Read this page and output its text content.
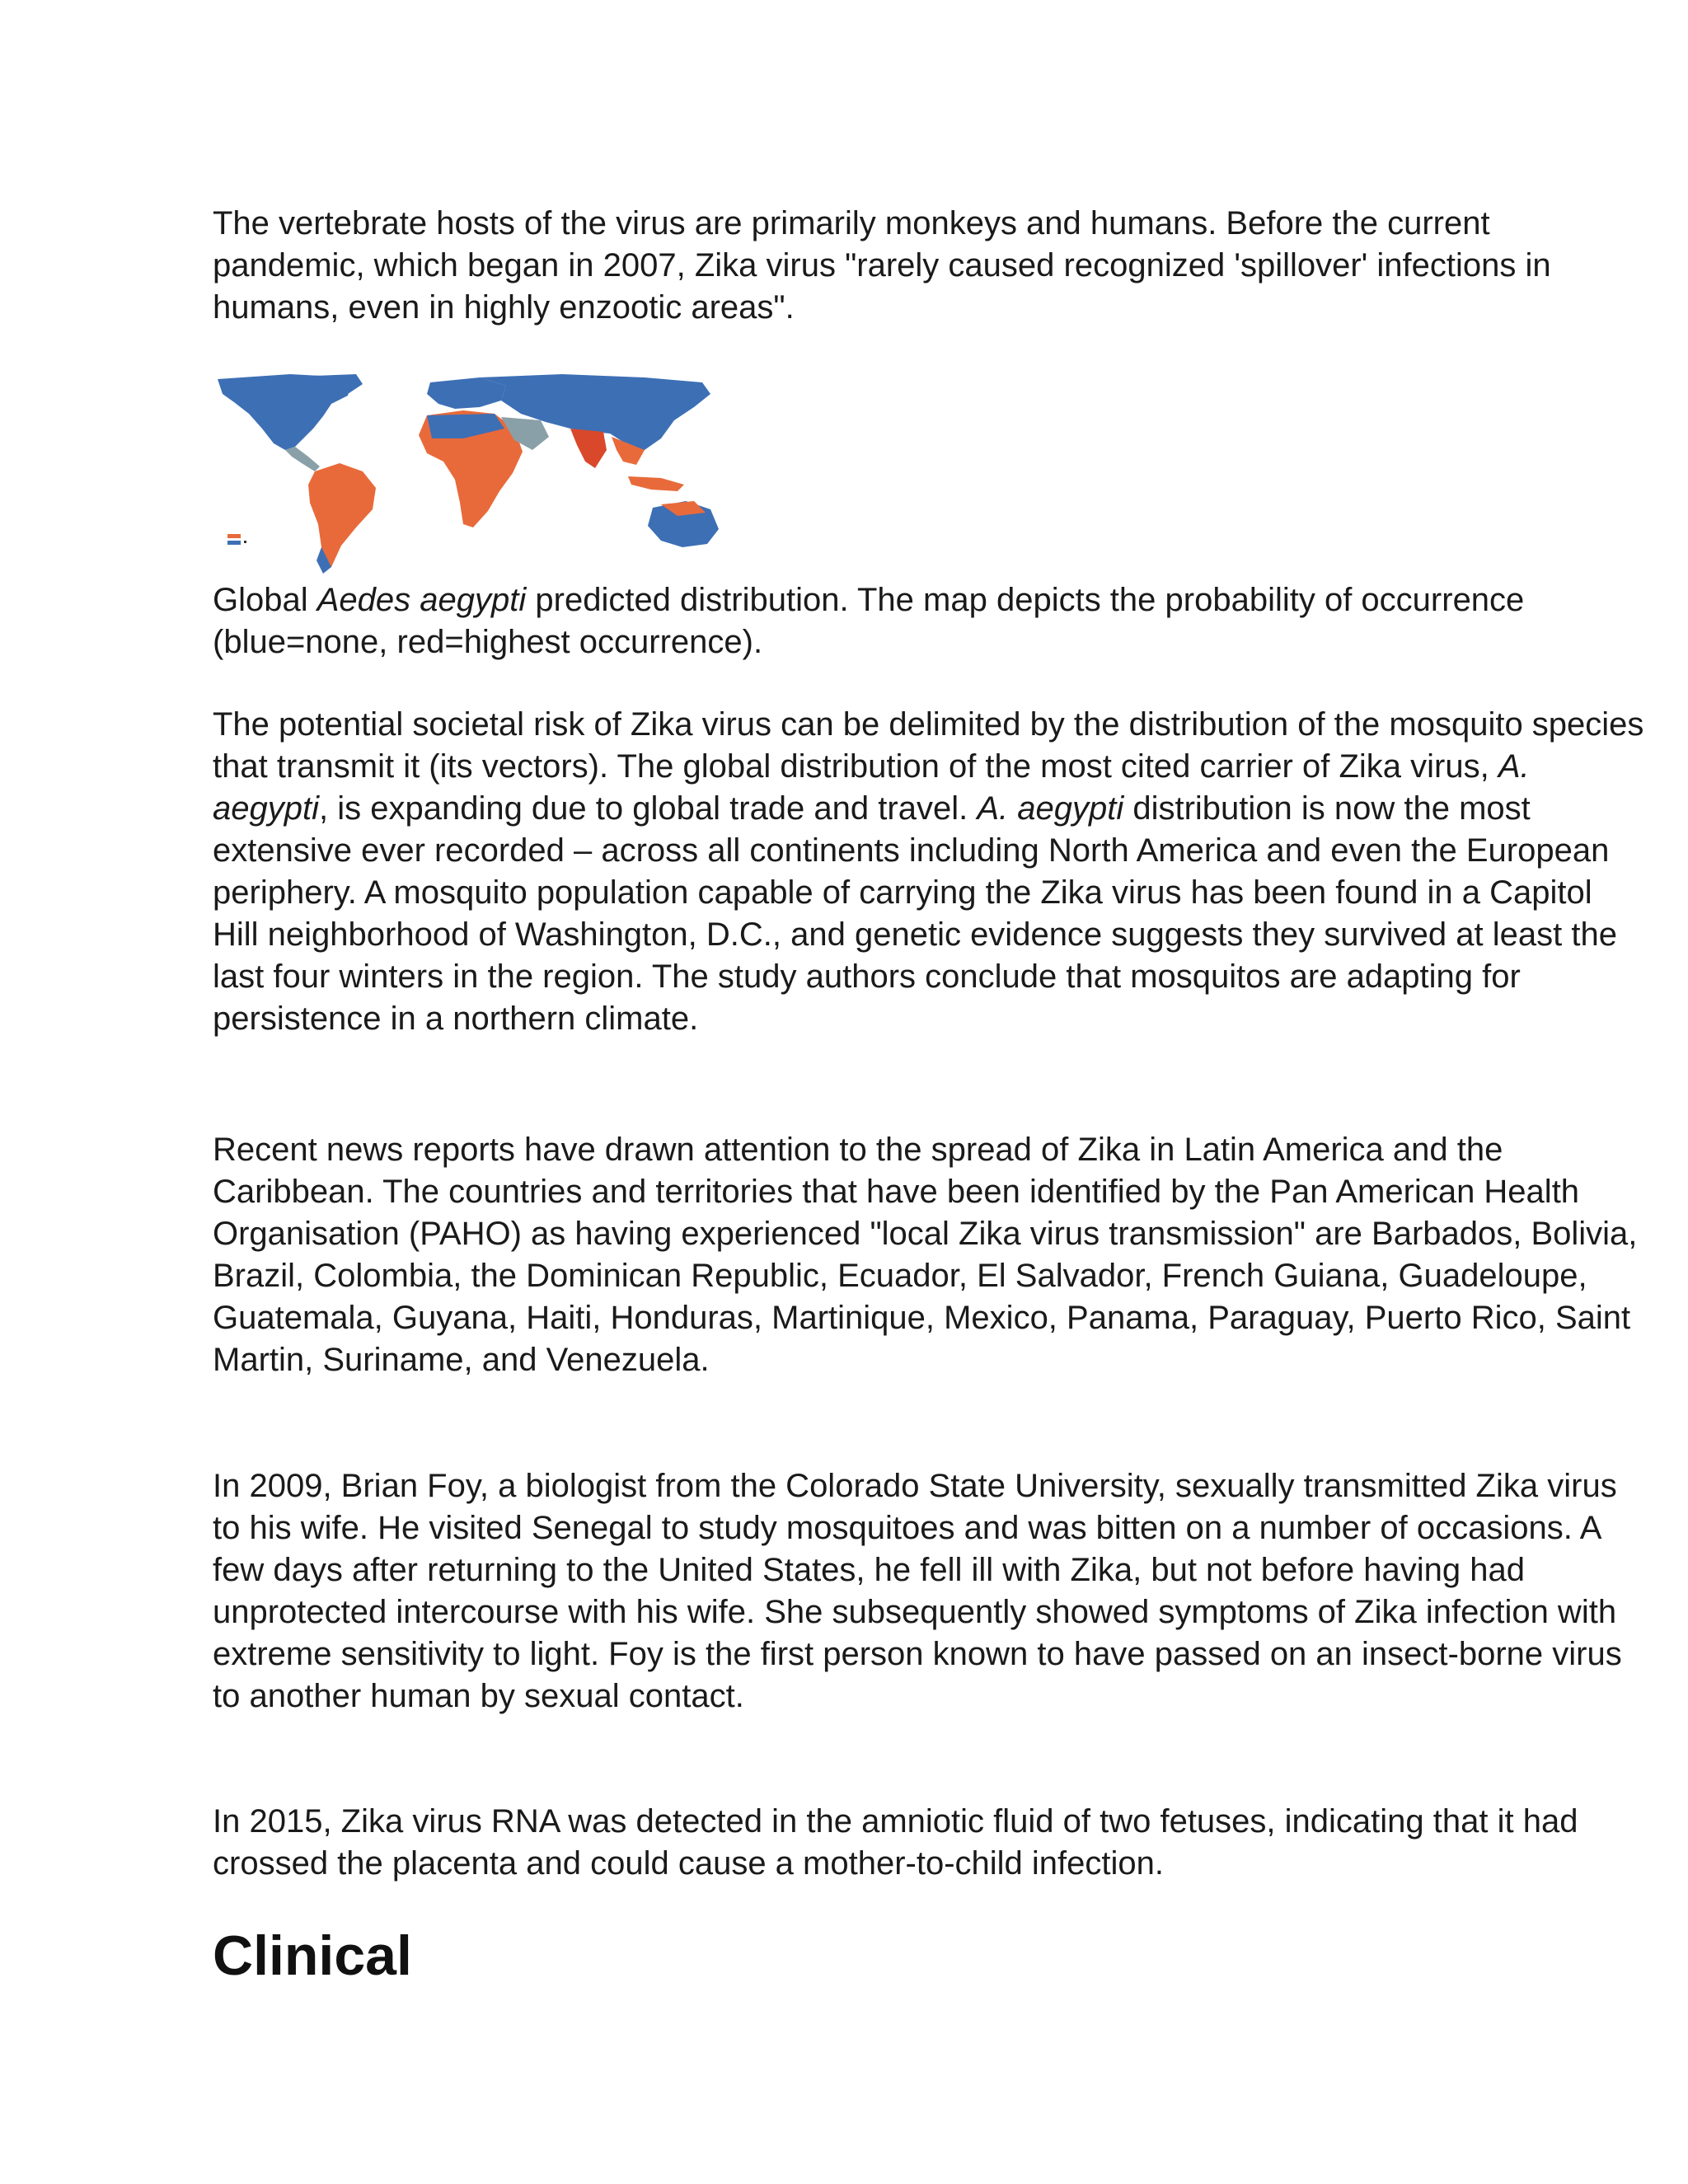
The vertebrate hosts of the virus are primarily monkeys and humans. Before the current pandemic, which began in 2007, Zika virus "rarely caused recognized 'spillover' infections in humans, even in highly enzootic areas".

Global Aedes aegypti predicted distribution. The map depicts the probability of occurrence (blue=none, red=highest occurrence).

The potential societal risk of Zika virus can be delimited by the distribution of the mosquito species that transmit it (its vectors). The global distribution of the most cited carrier of Zika virus, A. aegypti, is expanding due to global trade and travel. A. aegypti distribution is now the most extensive ever recorded – across all continents including North America and even the European periphery. A mosquito population capable of carrying the Zika virus has been found in a Capitol Hill neighborhood of Washington, D.C., and genetic evidence suggests they survived at least the last four winters in the region. The study authors conclude that mosquitos are adapting for persistence in a northern climate.

Recent news reports have drawn attention to the spread of Zika in Latin America and the Caribbean. The countries and territories that have been identified by the Pan American Health Organisation (PAHO) as having experienced "local Zika virus transmission" are Barbados, Bolivia, Brazil, Colombia, the Dominican Republic, Ecuador, El Salvador, French Guiana, Guadeloupe, Guatemala, Guyana, Haiti, Honduras, Martinique, Mexico, Panama, Paraguay, Puerto Rico, Saint Martin, Suriname, and Venezuela.

In 2009, Brian Foy, a biologist from the Colorado State University, sexually transmitted Zika virus to his wife. He visited Senegal to study mosquitoes and was bitten on a number of occasions. A few days after returning to the United States, he fell ill with Zika, but not before having had unprotected intercourse with his wife. She subsequently showed symptoms of Zika infection with extreme sensitivity to light. Foy is the first person known to have passed on an insect-borne virus to another human by sexual contact.

In 2015, Zika virus RNA was detected in the amniotic fluid of two fetuses, indicating that it had crossed the placenta and could cause a mother-to-child infection.

Clinical
